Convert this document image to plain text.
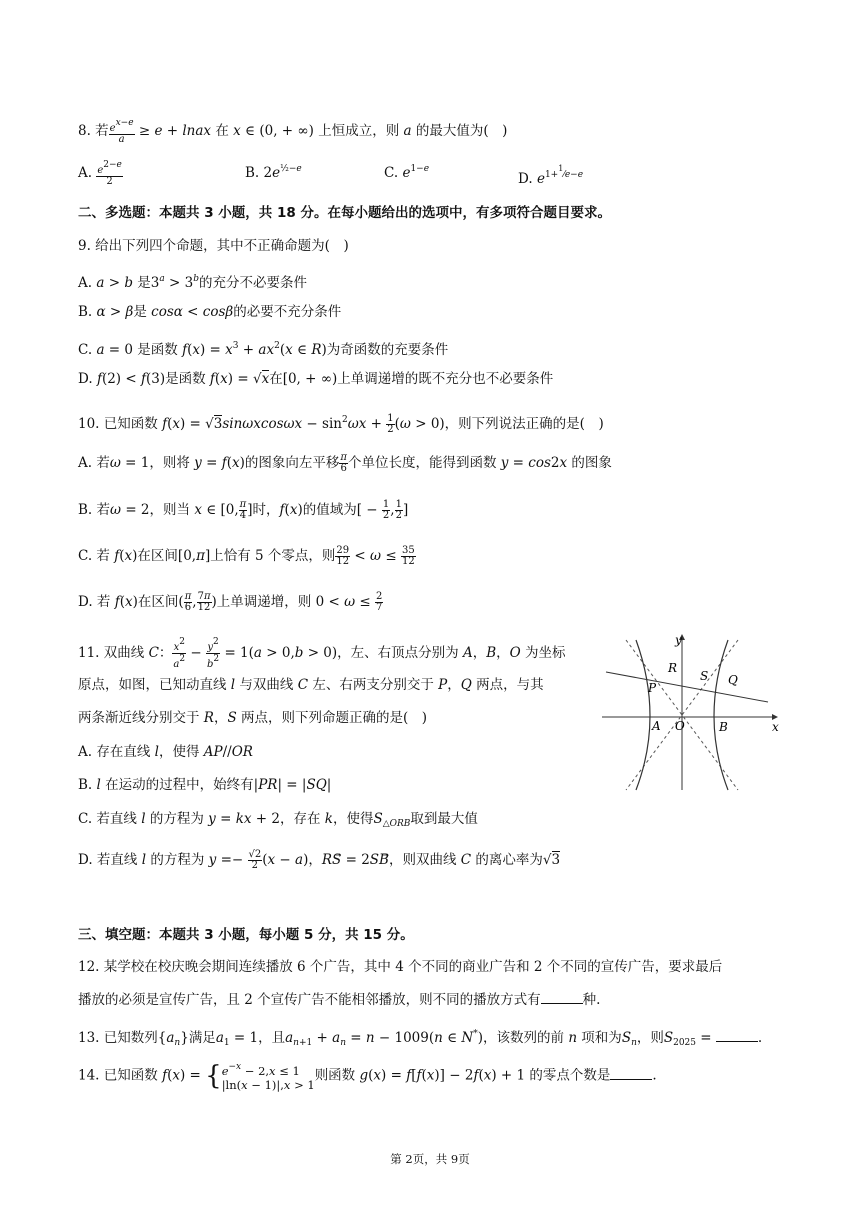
8. 若 $\frac{e^{x-e}}{a} \ge e$ + lnax 在 x ∈ (0, + ∞) 上恒成立，则 a 的最大值为(　)
A. $\frac{e^{2-e}}{2}$	B. $2e^{\frac{1}{2}-e}$	C. $e^{1-e}$
D. $e^{1+^1⁄e-e}$
二、多选题：本题共 3 小题，共 18 分。在每小题给出的选项中，有多项符合题目要求。
9. 给出下列四个命题，其中不正确命题为(　)
A. a > b 是$3^a > 3^b$的充分不必要条件
B. α > β是 cosα < cosβ的必要不充分条件
C. a = 0 是函数 $f(x) = x^3 + ax^2(x$ ∈ R)为奇函数的充要条件
D. f(2) < f(3)是函数 f(x) = √x在[0, + ∞)上单调递增的既不充分也不必要条件
10. 已知函数 $f(x) = √3\sin\omega xcos\omega x - \sin^2\omega x + \frac{1}{2} (\omega > 0)$，则下列说法正确的是(　)
A. 若ω = 1，则将 y = f(x)的图象向左平移 $\frac{\pi}{6}$ 个单位长度，能得到函数 y = cos2x 的图象
B. 若ω = 2，则当 x ∈ [0, $\frac{\pi}{4}$ ]时，f(x)的值域为[ − $\frac{1}{2}$ , $\frac{1}{2}$ ]
C. 若 f(x)在区间[0,π]上恰有 5 个零点，则 $\frac{29}{12} < \omega \le \frac{35}{12}$
D. 若 f(x)在区间( $\frac{\pi}{6}$ , $\frac{7\pi}{12}$ )上单调递增，则 $0 < \omega \le \frac{2}{7}$
11. 双曲线 C： $\frac{x^2}{a^2} - \frac{y^2}{b^2} = 1(a > 0,b > 0)$，左、右顶点分别为 A，B，O 为坐标
原点，如图，已知动直线 l 与双曲线 C 左、右两支分别交于 P，Q 两点，与其
两条渐近线分别交于 R，S 两点，则下列命题正确的是(　)
A. 存在直线 l，使得 AP//OR
B. l 在运动的过程中，始终有|PR| = |SQ|
C. 若直线 l 的方程为 y = kx + 2，存在 k，使得$S_{\triangle ORB}$取到最大值
D. 若直线 l 的方程为 $y =- \frac{√2}{2} (x - a)$，RS⃗ = 2SB，则双曲线 C 的离心率为√3
y
x
R
S Q
P
A O	B
三、填空题：本题共 3 小题，每小题 5 分，共 15 分。
12. 某学校在校庆晚会期间连续播放 6 个广告，其中 4 个不同的商业广告和 2 个不同的宣传广告，要求最后
播放的必须是宣传广告，且 2 个宣传广告不能相邻播放，则不同的播放方式有	种.
13. 已知数列$\{a_n\}$满足$a_1 = 1$，且$a_{n+1} + a_n = n - 1009(n$ ∈ N*)，该数列的前 n 项和为$S_n$，则$S_{2025}$ =	.
14. 已知函数 $f(x) = \{e^{-x} - 2,x \le 1$
|ln(x − 1)|,x > 1则函数 g(x) = f[f(x)] − 2f(x) + 1 的零点个数是	.
第 2页，共 9页
